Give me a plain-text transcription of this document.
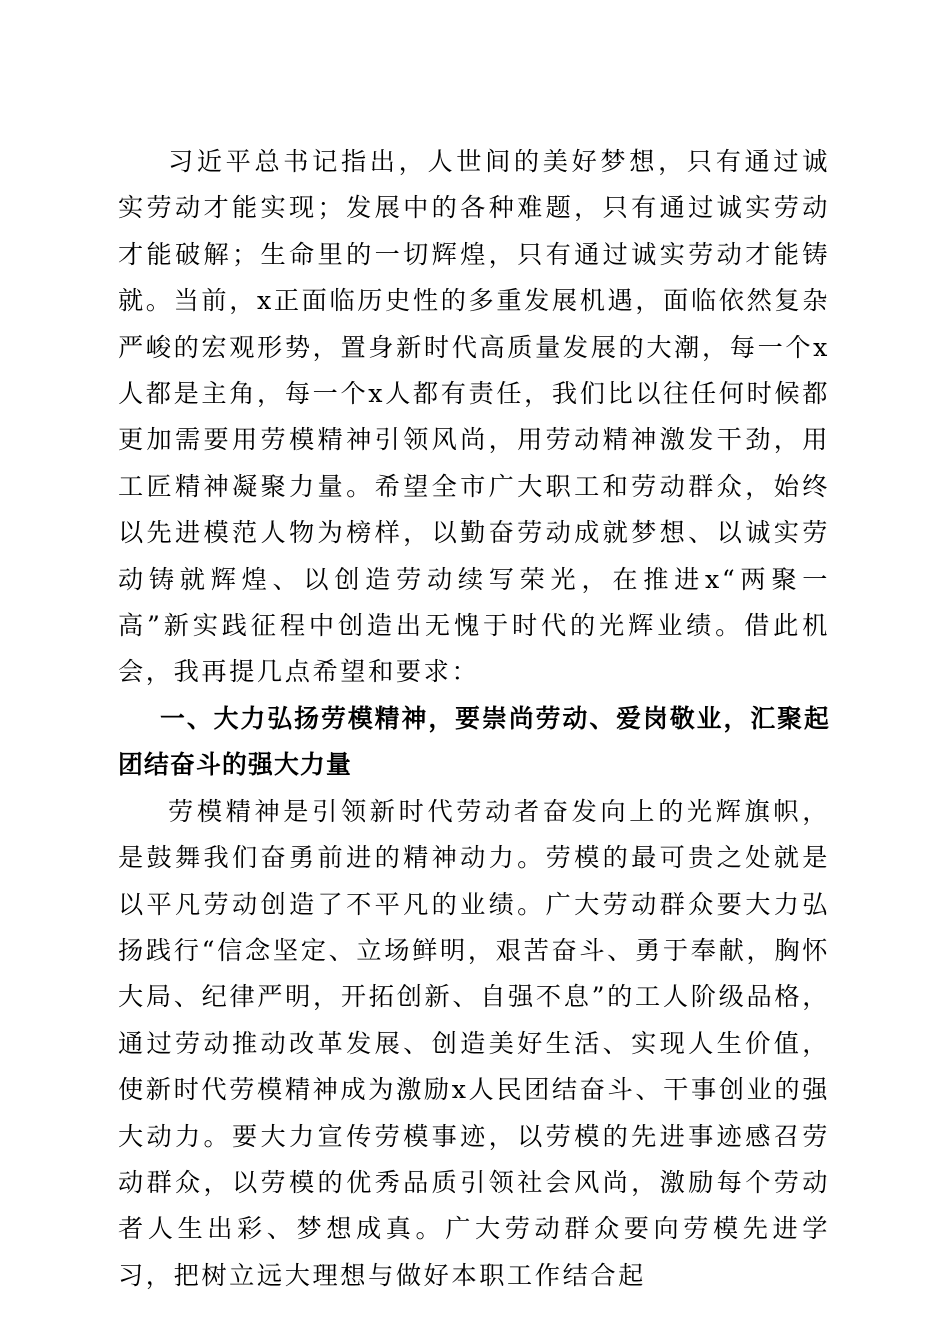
习近平总书记指出，人世间的美好梦想，只有通过诚实劳动才能实现；发展中的各种难题，只有通过诚实劳动才能破解；生命里的一切辉煌，只有通过诚实劳动才能铸就。当前，x正面临历史性的多重发展机遇，面临依然复杂严峻的宏观形势，置身新时代高质量发展的大潮，每一个x人都是主角，每一个x人都有责任，我们比以往任何时候都更加需要用劳模精神引领风尚，用劳动精神激发干劲，用工匠精神凝聚力量。希望全市广大职工和劳动群众，始终以先进模范人物为榜样，以勤奋劳动成就梦想、以诚实劳动铸就辉煌、以创造劳动续写荣光，在推进x“两聚一高”新实践征程中创造出无愧于时代的光辉业绩。借此机会，我再提几点希望和要求：

一、大力弘扬劳模精神，要崇尚劳动、爱岗敬业，汇聚起团结奋斗的强大力量

劳模精神是引领新时代劳动者奋发向上的光辉旗帜，是鼓舞我们奋勇前进的精神动力。劳模的最可贵之处就是以平凡劳动创造了不平凡的业绩。广大劳动群众要大力弘扬践行“信念坚定、立场鲜明，艰苦奋斗、勇于奉献，胸怀大局、纪律严明，开拓创新、自强不息”的工人阶级品格，通过劳动推动改革发展、创造美好生活、实现人生价值，使新时代劳模精神成为激励x人民团结奋斗、干事创业的强大动力。要大力宣传劳模事迹，以劳模的先进事迹感召劳动群众，以劳模的优秀品质引领社会风尚，激励每个劳动者人生出彩、梦想成真。广大劳动群众要向劳模先进学习，把树立远大理想与做好本职工作结合起
